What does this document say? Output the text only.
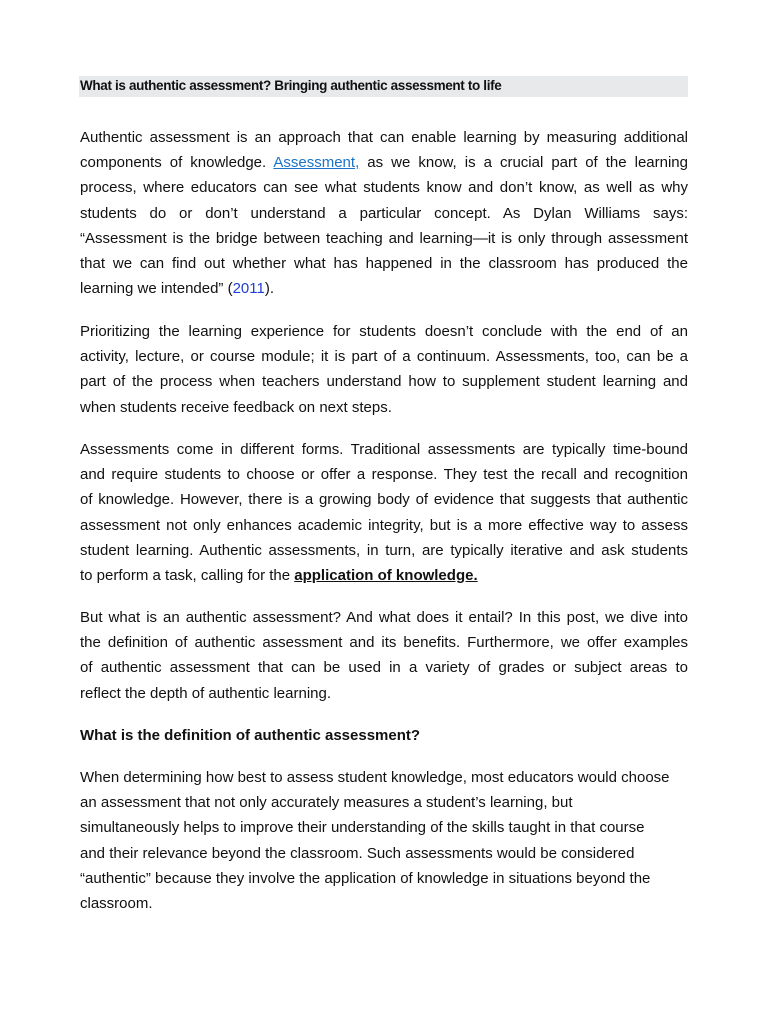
What is authentic assessment? Bringing authentic assessment to life
Authentic assessment is an approach that can enable learning by measuring additional
components of knowledge. Assessment, as we know, is a crucial part of the learning
process, where educators can see what students know and don’t know, as well as why
students do or don’t understand a particular concept. As Dylan Williams says:
“Assessment is the bridge between teaching and learning—it is only through assessment
that we can find out whether what has happened in the classroom has produced the
learning we intended” (2011).
Prioritizing the learning experience for students doesn’t conclude with the end of an
activity, lecture, or course module; it is part of a continuum. Assessments, too, can be a
part of the process when teachers understand how to supplement student learning and
when students receive feedback on next steps.
Assessments come in different forms. Traditional assessments are typically time-bound
and require students to choose or offer a response. They test the recall and recognition
of knowledge. However, there is a growing body of evidence that suggests that authentic
assessment not only enhances academic integrity, but is a more effective way to assess
student learning. Authentic assessments, in turn, are typically iterative and ask students
to perform a task, calling for the application of knowledge.
But what is an authentic assessment? And what does it entail? In this post, we dive into
the definition of authentic assessment and its benefits. Furthermore, we offer examples
of authentic assessment that can be used in a variety of grades or subject areas to
reflect the depth of authentic learning.
What is the definition of authentic assessment?
When determining how best to assess student knowledge, most educators would choose
an assessment that not only accurately measures a student’s learning, but
simultaneously helps to improve their understanding of the skills taught in that course
and their relevance beyond the classroom. Such assessments would be considered
“authentic” because they involve the application of knowledge in situations beyond the
classroom.
